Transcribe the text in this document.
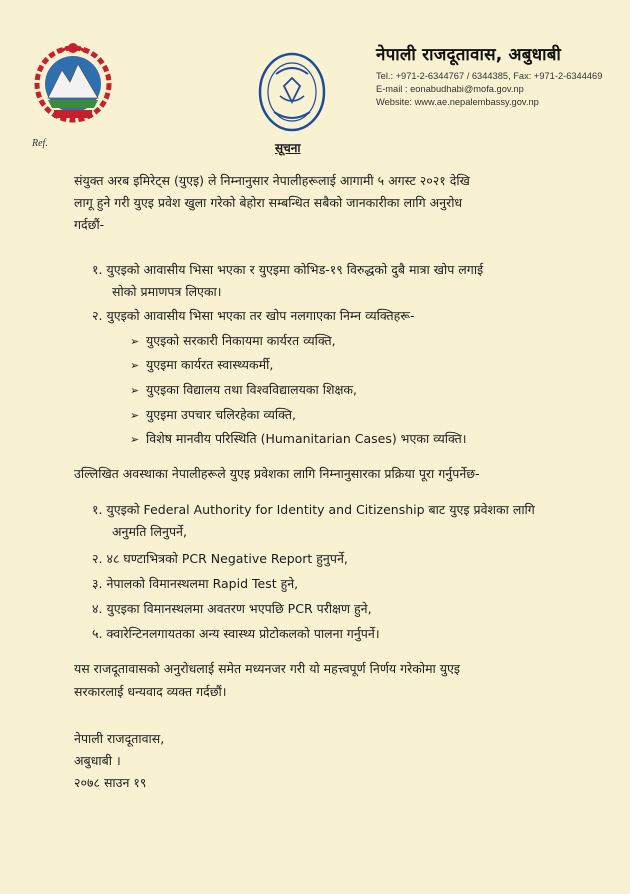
नेपाली राजदूतावास, अबुधाबी
Tel.: +971-2-6344767 / 6344385, Fax: +971-2-6344469
E-mail : eonabudhabi@mofa.gov.np
Website: www.ae.nepalembassy.gov.np
Ref.	सूचना
संयुक्त अरब इमिरेट्स (युएइ) ले निम्नानुसार नेपालीहरूलाई आगामी ५ अगस्ट २०२१ देखि
लागू हुने गरी युएइ प्रवेश खुला गरेको बेहोरा सम्बन्धित सबैको जानकारीका लागि अनुरोध
गर्दछौं-
१. युएइको आवासीय भिसा भएका र युएइमा कोभिड-१९ विरुद्धको दुबै मात्रा खोप लगाई
सोको प्रमाणपत्र लिएका।
२. युएइको आवासीय भिसा भएका तर खोप नलगाएका निम्न व्यक्तिहरू-
➢ युएइको सरकारी निकायमा कार्यरत व्यक्ति,
➢ युएइमा कार्यरत स्वास्थ्यकर्मी,
➢ युएइका विद्यालय तथा विश्वविद्यालयका शिक्षक,
➢ युएइमा उपचार चलिरहेका व्यक्ति,
➢ विशेष मानवीय परिस्थिति (Humanitarian Cases) भएका व्यक्ति।
उल्लिखित अवस्थाका नेपालीहरूले युएइ प्रवेशका लागि निम्नानुसारका प्रक्रिया पूरा गर्नुपर्नेछ-
१. युएइको Federal Authority for Identity and Citizenship बाट युएइ प्रवेशका लागि
अनुमति लिनुपर्ने,
२. ४८ घण्टाभित्रको PCR Negative Report हुनुपर्ने,
३. नेपालको विमानस्थलमा Rapid Test हुने,
४. युएइका विमानस्थलमा अवतरण भएपछि PCR परीक्षण हुने,
५. क्वारेन्टिनलगायतका अन्य स्वास्थ्य प्रोटोकलको पालना गर्नुपर्ने।
यस राजदूतावासको अनुरोधलाई समेत मध्यनजर गरी यो महत्त्वपूर्ण निर्णय गरेकोमा युएइ
सरकारलाई धन्यवाद व्यक्त गर्दछौं।
नेपाली राजदूतावास,
अबुधाबी ।
२०७८ साउन १९
